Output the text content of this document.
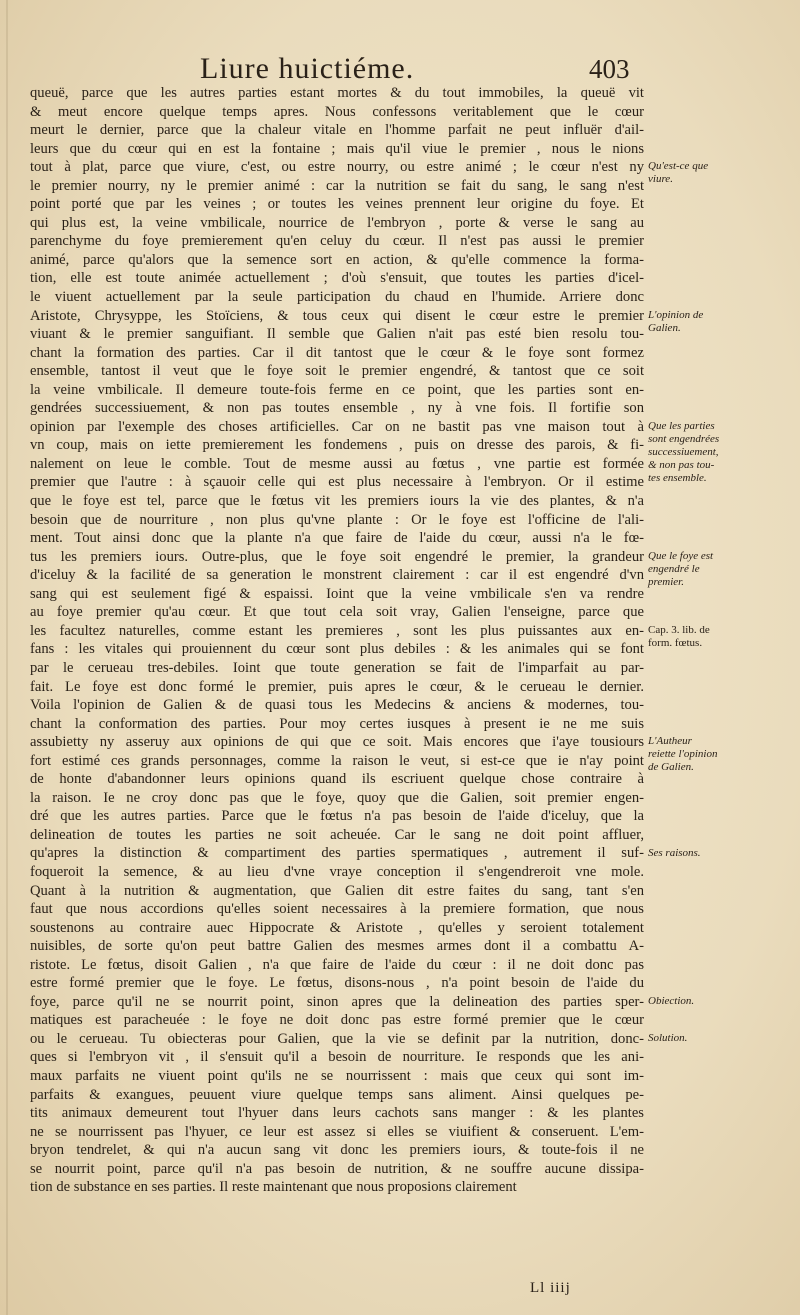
Liure huictiéme.	403
queuë, parce que les autres parties estant mortes & du tout immobiles, la queuë vit
& meut encore quelque temps apres. Nous confessons veritablement que le cœur
meurt le dernier, parce que la chaleur vitale en l'homme parfait ne peut influër d'ail-
leurs que du cœur qui en est la fontaine ; mais qu'il viue le premier , nous le nions
tout à plat, parce que viure, c'est, ou estre nourry, ou estre animé ; le cœur n'est ny
le premier nourry, ny le premier animé : car la nutrition se fait du sang, le sang n'est
point porté que par les veines ; or toutes les veines prennent leur origine du foye. Et
qui plus est, la veine vmbilicale, nourrice de l'embryon , porte & verse le sang au
parenchyme du foye premierement qu'en celuy du cœur. Il n'est pas aussi le premier
animé, parce qu'alors que la semence sort en action, & qu'elle commence la forma-
tion, elle est toute animée actuellement ; d'où s'ensuit, que toutes les parties d'icel-
le viuent actuellement par la seule participation du chaud en l'humide. Arriere donc
Aristote, Chrysyppe, les Stoïciens, & tous ceux qui disent le cœur estre le premier
viuant & le premier sanguifiant. Il semble que Galien n'ait pas esté bien resolu tou-
chant la formation des parties. Car il dit tantost que le cœur & le foye sont formez
ensemble, tantost il veut que le foye soit le premier engendré, & tantost que ce soit
la veine vmbilicale. Il demeure toute-fois ferme en ce point, que les parties sont en-
gendrées successiuement, & non pas toutes ensemble , ny à vne fois. Il fortifie son
opinion par l'exemple des choses artificielles. Car on ne bastit pas vne maison tout à
vn coup, mais on iette premierement les fondemens , puis on dresse des parois, & fi-
nalement on leue le comble. Tout de mesme aussi au fœtus , vne partie est formée
premier que l'autre : à sçauoir celle qui est plus necessaire à l'embryon. Or il estime
que le foye est tel, parce que le fœtus vit les premiers iours la vie des plantes, & n'a
besoin que de nourriture , non plus qu'vne plante : Or le foye est l'officine de l'ali-
ment. Tout ainsi donc que la plante n'a que faire de l'aide du cœur, aussi n'a le fœ-
tus les premiers iours. Outre-plus, que le foye soit engendré le premier, la grandeur
d'iceluy & la facilité de sa generation le monstrent clairement : car il est engendré d'vn
sang qui est seulement figé & espaissi. Ioint que la veine vmbilicale s'en va rendre
au foye premier qu'au cœur. Et que tout cela soit vray, Galien l'enseigne, parce que
les facultez naturelles, comme estant les premieres , sont les plus puissantes aux en-
fans : les vitales qui prouiennent du cœur sont plus debiles : & les animales qui se font
par le cerueau tres-debiles. Ioint que toute generation se fait de l'imparfait au par-
fait. Le foye est donc formé le premier, puis apres le cœur, & le cerueau le dernier.
Voila l'opinion de Galien & de quasi tous les Medecins & anciens & modernes, tou-
chant la conformation des parties. Pour moy certes iusques à present ie ne me suis
assubietty ny asseruy aux opinions de qui que ce soit. Mais encores que i'aye tousiours
fort estimé ces grands personnages, comme la raison le veut, si est-ce que ie n'ay point
de honte d'abandonner leurs opinions quand ils escriuent quelque chose contraire à
la raison. Ie ne croy donc pas que le foye, quoy que die Galien, soit premier engen-
dré que les autres parties. Parce que le fœtus n'a pas besoin de l'aide d'iceluy, que la
delineation de toutes les parties ne soit acheuée. Car le sang ne doit point affluer,
qu'apres la distinction & compartiment des parties spermatiques , autrement il suf-
foqueroit la semence, & au lieu d'vne vraye conception il s'engendreroit vne mole.
Quant à la nutrition & augmentation, que Galien dit estre faites du sang, tant s'en
faut que nous accordions qu'elles soient necessaires à la premiere formation, que nous
soustenons au contraire auec Hippocrate & Aristote , qu'elles y seroient totalement
nuisibles, de sorte qu'on peut battre Galien des mesmes armes dont il a combattu A-
ristote. Le fœtus, disoit Galien , n'a que faire de l'aide du cœur : il ne doit donc pas
estre formé premier que le foye. Le fœtus, disons-nous , n'a point besoin de l'aide du
foye, parce qu'il ne se nourrit point, sinon apres que la delineation des parties sper-
matiques est paracheuée : le foye ne doit donc pas estre formé premier que le cœur
ou le cerueau. Tu obiecteras pour Galien, que la vie se definit par la nutrition, donc-
ques si l'embryon vit , il s'ensuit qu'il a besoin de nourriture. Ie responds que les ani-
maux parfaits ne viuent point qu'ils ne se nourrissent : mais que ceux qui sont im-
parfaits & exangues, peuuent viure quelque temps sans aliment. Ainsi quelques pe-
tits animaux demeurent tout l'hyuer dans leurs cachots sans manger : & les plantes
ne se nourrissent pas l'hyuer, ce leur est assez si elles se viuifient & conseruent. L'em-
bryon tendrelet, & qui n'a aucun sang vit donc les premiers iours, & toute-fois il ne
se nourrit point, parce qu'il n'a pas besoin de nutrition, & ne souffre aucune dissipa-
tion de substance en ses parties. Il reste maintenant que nous proposions clairement
Qu'est-ce que
viure.
L'opinion de
Galien.
Que les parties
sont engendrées
successiuement,
& non pas tou-
tes ensemble.
Que le foye est
engendré le
premier.
Cap. 3. lib. de
form. fœtus.
L'Autheur
reiette l'opinion
de Galien.
Ses raisons.
Obiection.
Solution.
Ll iiij
